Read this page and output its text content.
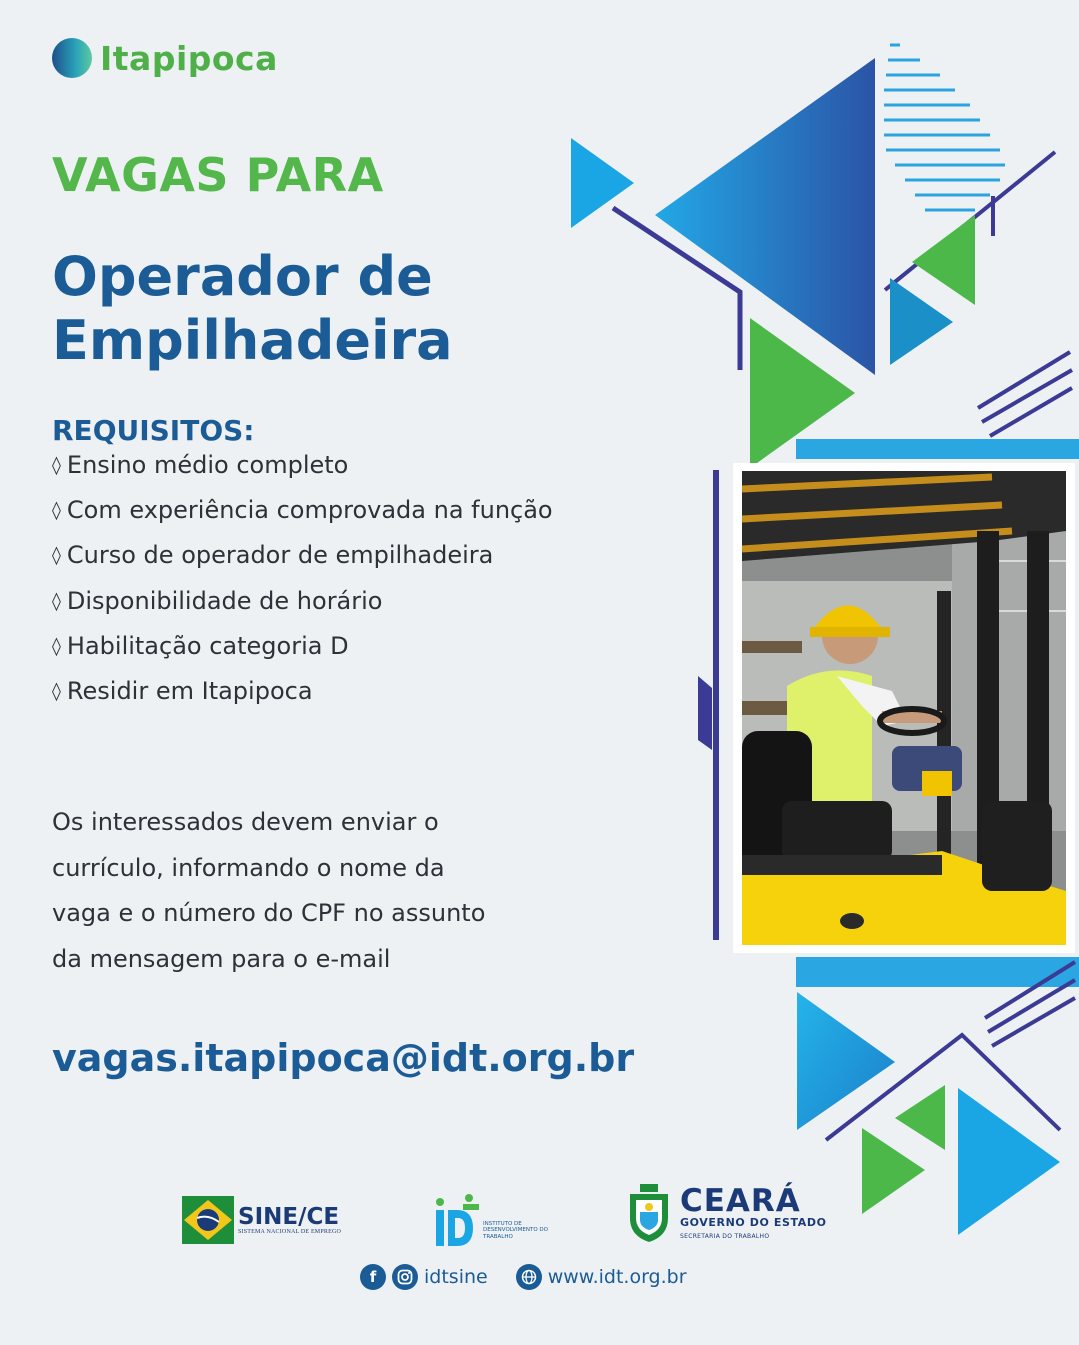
Itapipoca
VAGAS PARA
Operador de
Empilhadeira
REQUISITOS:
◊ Ensino médio completo
◊ Com experiência comprovada na função
◊ Curso de operador de empilhadeira
◊ Disponibilidade de horário
◊ Habilitação categoria D
◊ Residir em Itapipoca
Os interessados devem enviar o
currículo, informando o nome da
vaga e o número do CPF no assunto
da mensagem para o e-mail
vagas.itapipoca@idt.org.br
SINE/CE
SISTEMA NACIONAL DE EMPREGO
INSTITUTO DE DESENVOLVIMENTO DO TRABALHO
CEARÁ
GOVERNO DO ESTADO
SECRETARIA DO TRABALHO
f	idtsine	www.idt.org.br
